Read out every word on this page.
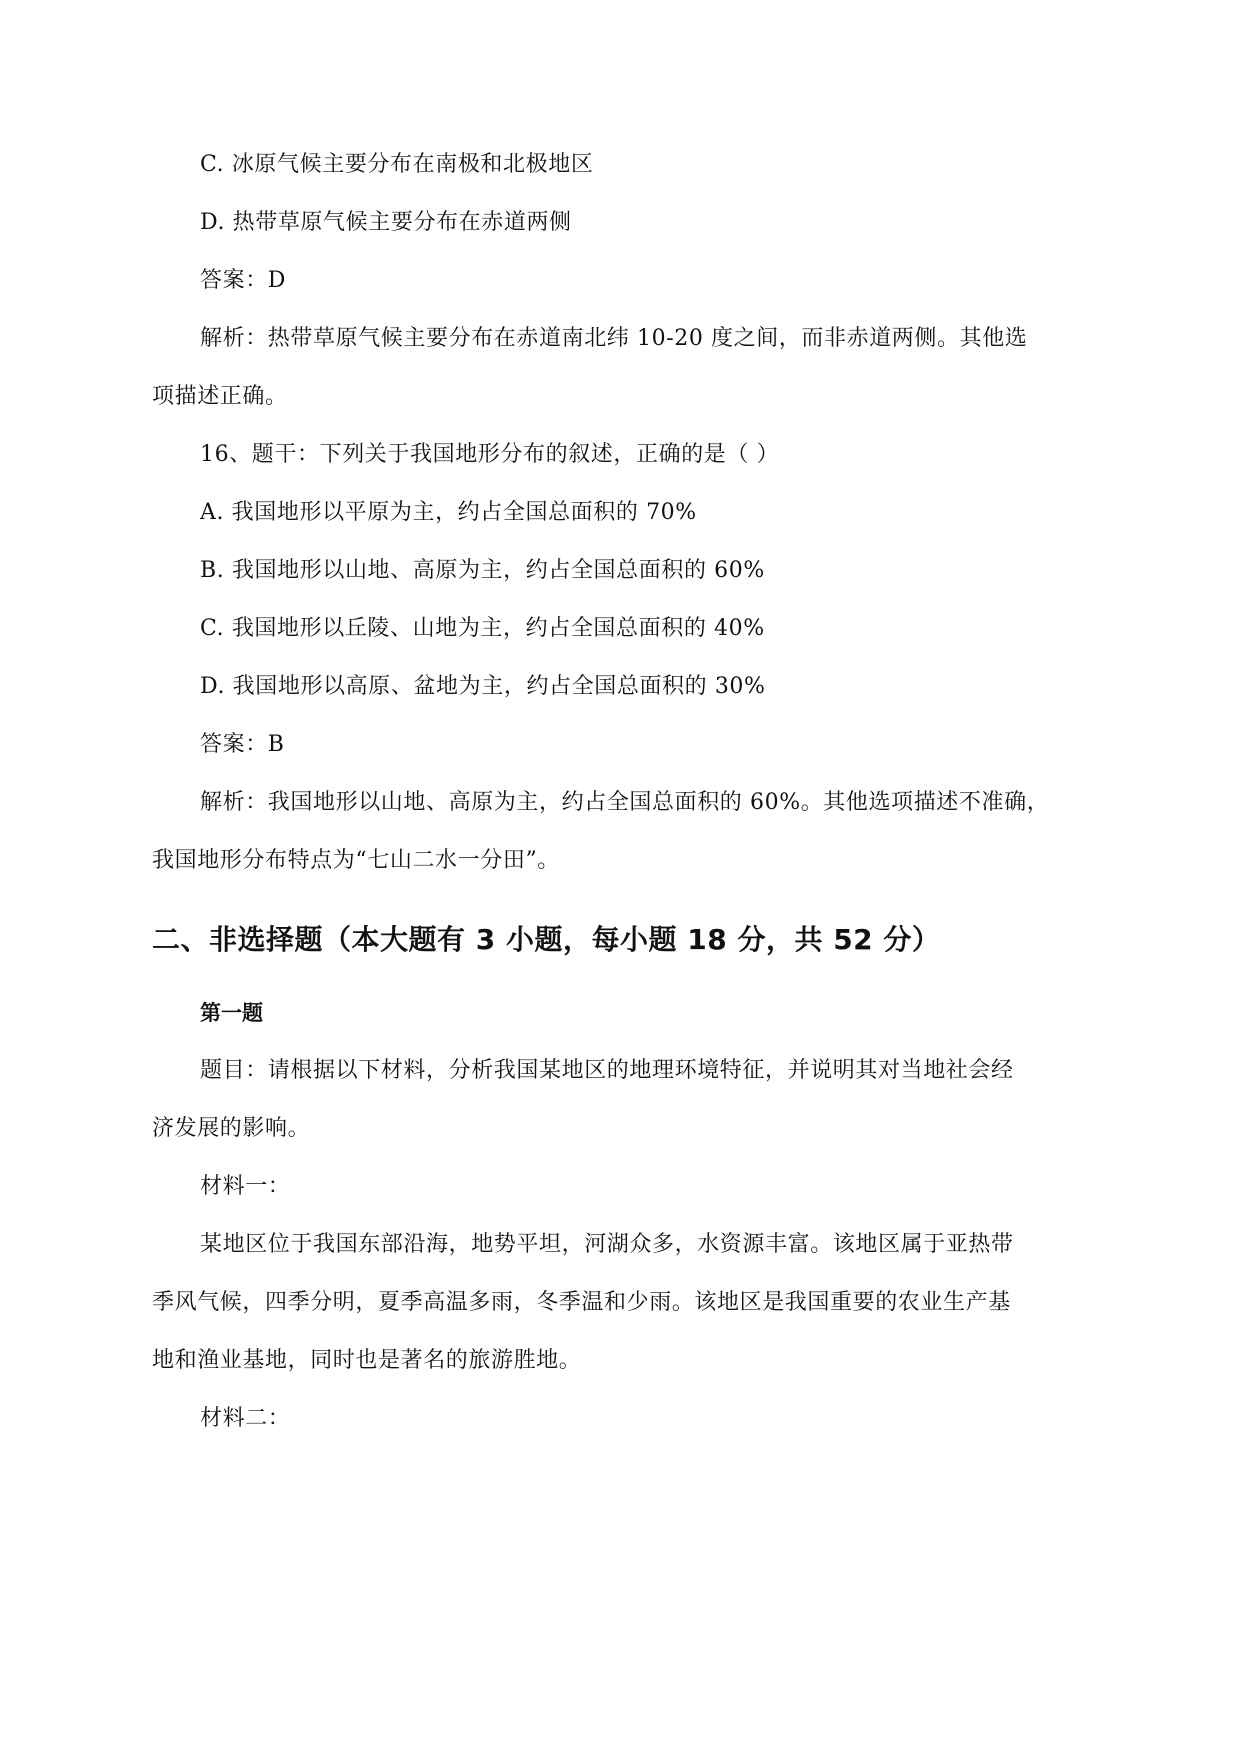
C. 冰原气候主要分布在南极和北极地区

D. 热带草原气候主要分布在赤道两侧

答案：D

解析：热带草原气候主要分布在赤道南北纬 10-20 度之间，而非赤道两侧。其他选

项描述正确。

16、题干：下列关于我国地形分布的叙述，正确的是（ ）

A. 我国地形以平原为主，约占全国总面积的 70%

B. 我国地形以山地、高原为主，约占全国总面积的 60%

C. 我国地形以丘陵、山地为主，约占全国总面积的 40%

D. 我国地形以高原、盆地为主，约占全国总面积的 30%

答案：B

解析：我国地形以山地、高原为主，约占全国总面积的 60%。其他选项描述不准确，

我国地形分布特点为“七山二水一分田”。

二、非选择题（本大题有 3 小题，每小题 18 分，共 52 分）
第一题

题目：请根据以下材料，分析我国某地区的地理环境特征，并说明其对当地社会经

济发展的影响。

材料一：

某地区位于我国东部沿海，地势平坦，河湖众多，水资源丰富。该地区属于亚热带

季风气候，四季分明，夏季高温多雨，冬季温和少雨。该地区是我国重要的农业生产基

地和渔业基地，同时也是著名的旅游胜地。

材料二：
